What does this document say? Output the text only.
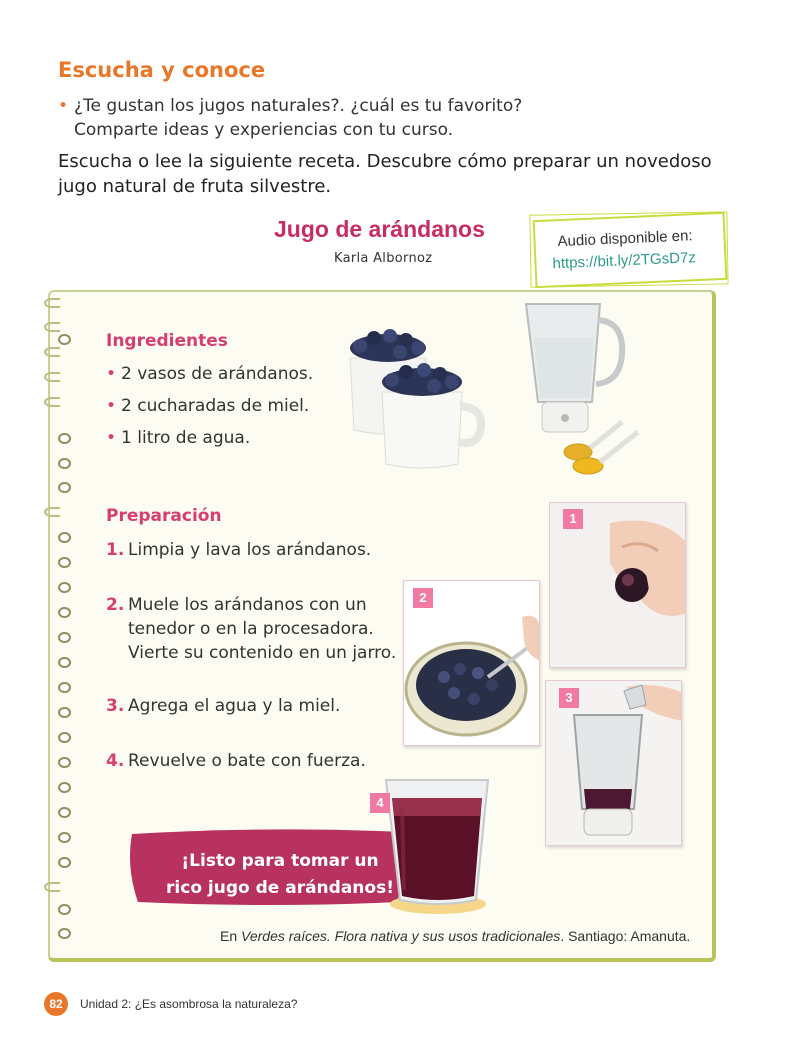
Escucha y conoce
• ¿Te gustan los jugos naturales?. ¿cuál es tu favorito?
Comparte ideas y experiencias con tu curso.
Escucha o lee la siguiente receta. Descubre cómo preparar un novedoso jugo natural de fruta silvestre.
Jugo de arándanos
Karla Albornoz
Audio disponible en:
https://bit.ly/2TGsD7z
Ingredientes
• 2 vasos de arándanos.
• 2 cucharadas de miel.
• 1 litro de agua.
Preparación
1. Limpia y lava los arándanos.
2. Muele los arándanos con un tenedor o en la procesadora. Vierte su contenido en un jarro.
3. Agrega el agua y la miel.
4. Revuelve o bate con fuerza.
1
2
3
¡Listo para tomar un
rico jugo de arándanos!
4
En Verdes raíces. Flora nativa y sus usos tradicionales. Santiago: Amanuta.
82	Unidad 2: ¿Es asombrosa la naturaleza?
